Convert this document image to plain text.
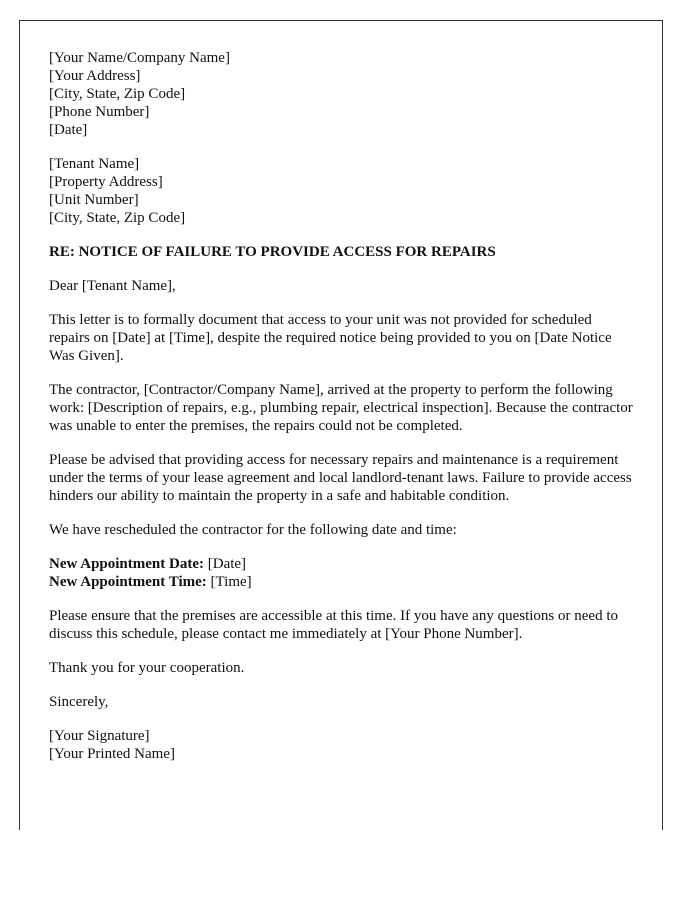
[Your Name/Company Name]
[Your Address]
[City, State, Zip Code]
[Phone Number]
[Date]

[Tenant Name]
[Property Address]
[Unit Number]
[City, State, Zip Code]

RE: NOTICE OF FAILURE TO PROVIDE ACCESS FOR REPAIRS

Dear [Tenant Name],

This letter is to formally document that access to your unit was not provided for scheduled repairs on [Date] at [Time], despite the required notice being provided to you on [Date Notice Was Given].

The contractor, [Contractor/Company Name], arrived at the property to perform the following work: [Description of repairs, e.g., plumbing repair, electrical inspection]. Because the contractor was unable to enter the premises, the repairs could not be completed.

Please be advised that providing access for necessary repairs and maintenance is a requirement under the terms of your lease agreement and local landlord-tenant laws. Failure to provide access hinders our ability to maintain the property in a safe and habitable condition.

We have rescheduled the contractor for the following date and time:

New Appointment Date: [Date]
New Appointment Time: [Time]

Please ensure that the premises are accessible at this time. If you have any questions or need to discuss this schedule, please contact me immediately at [Your Phone Number].

Thank you for your cooperation.

Sincerely,

[Your Signature]
[Your Printed Name]
